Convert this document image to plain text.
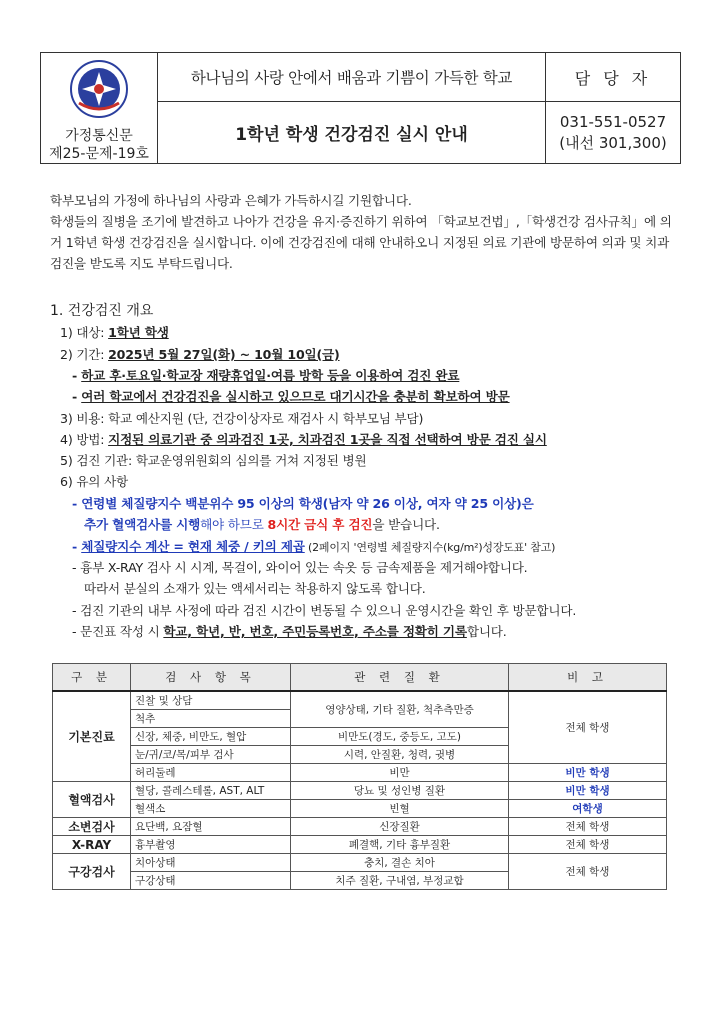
가정통신문
제25-문제-19호	하나님의 사랑 안에서 배움과 기쁨이 가득한 학교	담 당 자
	1학년 학생 건강검진 실시 안내	031-551-0527
(내선 301,300)
학부모님의 가정에 하나님의 사랑과 은혜가 가득하시길 기원합니다.
학생들의 질병을 조기에 발견하고 나아가 건강을 유지·증진하기 위하여 「학교보건법」,「학생건강 검사규칙」에 의거 1학년 학생 건강검진을 실시합니다. 이에 건강검진에 대해 안내하오니 지정된 의료 기관에 방문하여 의과 및 치과 검진을 받도록 지도 부탁드립니다.
1. 건강검진 개요
1) 대상: 1학년 학생
2) 기간: 2025년 5월 27일(화) ~ 10월 10일(금)
- 하교 후·토요일·학교장 재량휴업일·여름 방학 등을 이용하여 검진 완료
- 여러 학교에서 건강검진을 실시하고 있으므로 대기시간을 충분히 확보하여 방문
3) 비용: 학교 예산지원 (단, 건강이상자로 재검사 시 학부모님 부담)
4) 방법: 지정된 의료기관 중 의과검진 1곳, 치과검진 1곳을 직접 선택하여 방문 검진 실시
5) 검진 기관: 학교운영위원회의 심의를 거쳐 지정된 병원
6) 유의 사항
- 연령별 체질량지수 백분위수 95 이상의 학생(남자 약 26 이상, 여자 약 25 이상)은
추가 혈액검사를 시행해야 하므로 8시간 금식 후 검진을 받습니다.
- 체질량지수 계산 = 현재 체중 / 키의 제곱 (2페이지 '연령별 체질량지수(kg/m²)성장도표' 참고)
- 흉부 X-RAY 검사 시 시계, 목걸이, 와이어 있는 속옷 등 금속제품을 제거해야합니다.
따라서 분실의 소재가 있는 액세서리는 착용하지 않도록 합니다.
- 검진 기관의 내부 사정에 따라 검진 시간이 변동될 수 있으니 운영시간을 확인 후 방문합니다.
- 문진표 작성 시 학교, 학년, 반, 번호, 주민등록번호, 주소를 정확히 기록합니다.
구 분	검 사 항 목	관 련 질 환	비 고
기본진료	진찰 및 상담	영양상태, 기타 질환, 척추측만증	전체 학생
	척추		
	신장, 체중, 비만도, 혈압	비만도(경도, 중등도, 고도)	
	눈/귀/코/목/피부 검사	시력, 안질환, 청력, 귓병	
	허리둘레	비만	비만 학생
혈액검사	혈당, 콜레스테롤, AST, ALT	당뇨 및 성인병 질환	비만 학생
	혈색소	빈혈	여학생
소변검사	요단백, 요잠혈	신장질환	전체 학생
X-RAY	흉부촬영	폐결핵, 기타 흉부질환	전체 학생
구강검사	치아상태	충치, 결손 치아	전체 학생
	구강상태	치주 질환, 구내염, 부정교합	
